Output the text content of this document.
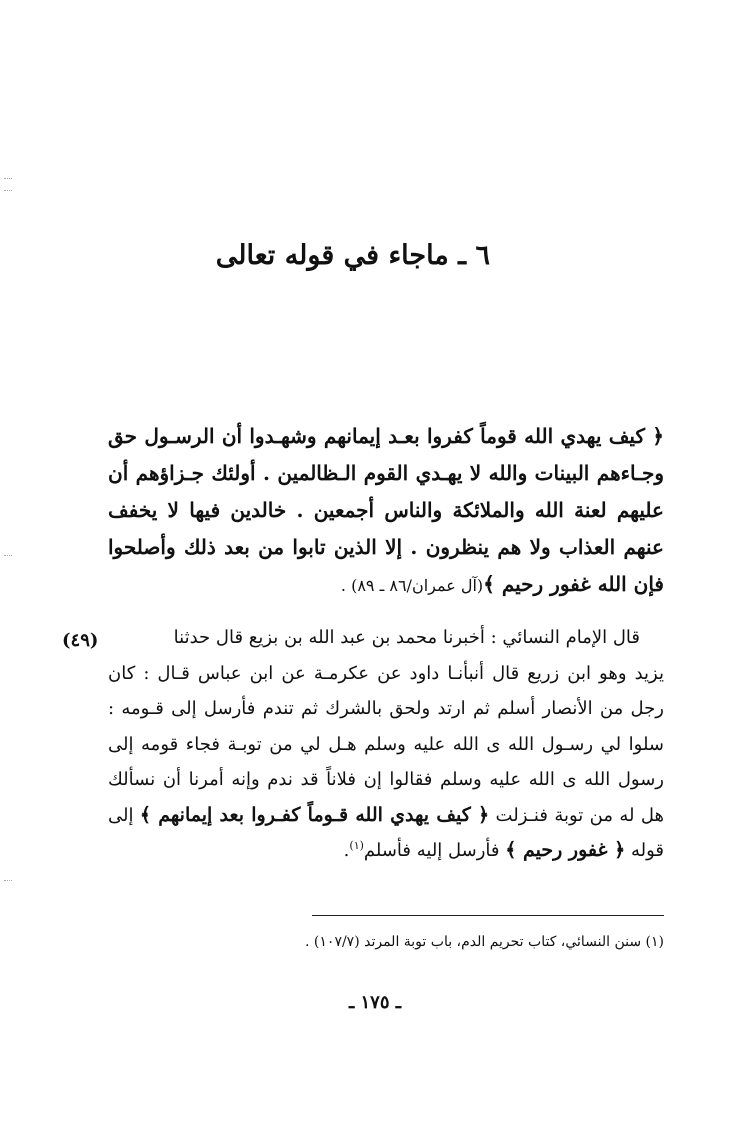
٦ ـ ماجاء في قوله تعالى

﴿ كيف يهدي الله قوماً كفروا بعـد إيمانهم وشهـدوا أن الرسـول حق وجـاءهم البينات والله لا يهـدي القوم الـظالمين . أولئك جـزاؤهم أن عليهم لعنة الله والملائكة والناس أجمعين . خالدين فيها لا يخفف عنهم العذاب ولا هم ينظرون . إلا الذين تابوا من بعد ذلك وأصلحوا فإن الله غفور رحيم ﴾(آل عمران/٨٦ ـ ٨٩) .

(٤٩)	قال الإمام النسائي : أخبرنا محمد بن عبد الله بن بزيع قال حدثنا
يزيد وهو ابن زريع قال أنبأنـا داود عن عكرمـة عن ابن عباس قـال : كان رجل من الأنصار أسلم ثم ارتد ولحق بالشرك ثم تندم فأرسل إلى قـومه : سلوا لي رسـول الله ى الله عليه وسلم هـل لي من توبـة فجاء قومه إلى رسول الله ى الله عليه وسلم فقالوا إن فلاناً قد ندم وإنه أمرنا أن نسألك هل له من توبة فنـزلت ﴿ كيف يهدي الله قـوماً كفـروا بعد إيمانهم ﴾ إلى قوله ﴿ غفور رحيم ﴾ فأرسل إليه فأسلم$^{(١)}$.

(١) سنن النسائي، كتاب تحريم الدم، باب توبة المرتد (١٠٧/٧) .

ـ ١٧٥ ـ
